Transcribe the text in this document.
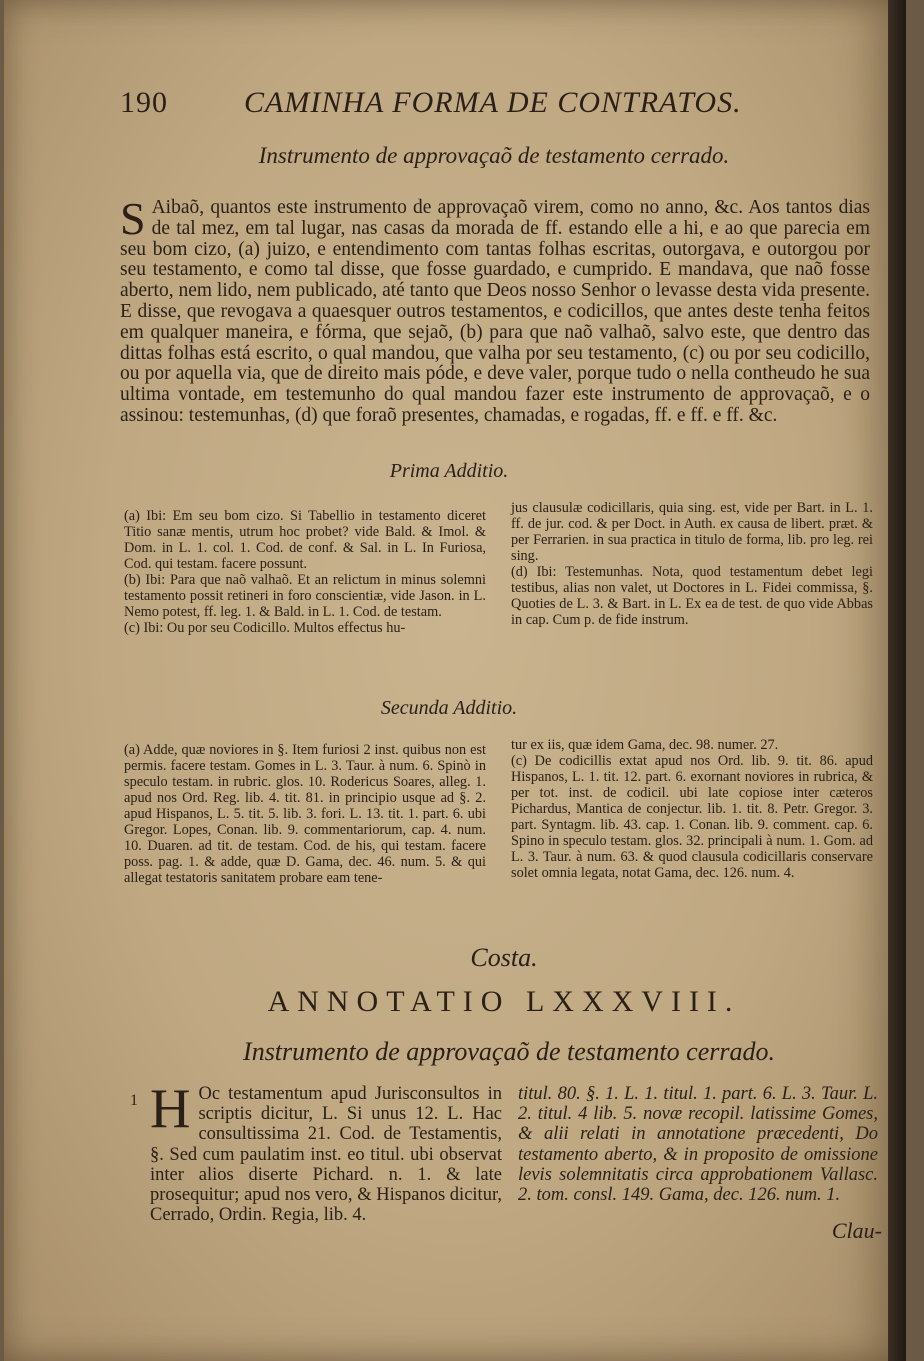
190	CAMINHA FORMA DE CONTRATOS.
Instrumento de approvaçaõ de testamento cerrado.
S Aibaõ, quantos este instrumento de approvaçaõ virem, como no anno, &c. Aos tantos dias de tal mez, em tal lugar, nas casas da morada de ff. estando elle a hi, e ao que parecia em seu bom cizo, (a) juizo, e entendimento com tantas folhas escritas, outorgava, e outorgou por seu testamento, e como tal disse, que fosse guardado, e cumprido. E mandava, que naõ fosse aberto, nem lido, nem publicado, até tanto que Deos nosso Senhor o levasse desta vida presente. E disse, que revogava a quaesquer outros testamentos, e codicillos, que antes deste tenha feitos em qualquer maneira, e fórma, que sejaõ, (b) para que naõ valhaõ, salvo este, que dentro das dittas folhas está escrito, o qual mandou, que valha por seu testamento, (c) ou por seu codicillo, ou por aquella via, que de direito mais póde, e deve valer, porque tudo o nella contheudo he sua ultima vontade, em testemunho do qual mandou fazer este instrumento de approvaçaõ, e o assinou: testemunhas, (d) que foraõ presentes, chamadas, e rogadas, ff. e ff. e ff. &c.

Prima Additio.

(a) Ibi: Em seu bom cizo. Si Tabellio in testamento diceret Titio sanæ mentis, utrum hoc probet? vide Bald. & Imol. & Dom. in L. 1. col. 1. Cod. de conf. & Sal. in L. In Furiosa, Cod. qui testam. facere possunt.

(b) Ibi: Para que naõ valhaõ. Et an relictum in minus solemni testamento possit retineri in foro conscientiæ, vide Jason. in L. Nemo potest, ff. leg. 1. & Bald. in L. 1. Cod. de testam.

(c) Ibi: Ou por seu Codicillo. Multos effectus hu-

jus clausulæ codicillaris, quia sing. est, vide per Bart. in L. 1. ff. de jur. cod. & per Doct. in Auth. ex causa de libert. præt. & per Ferrarien. in sua practica in titulo de forma, lib. pro leg. rei sing.

(d) Ibi: Testemunhas. Nota, quod testamentum debet legi testibus, alias non valet, ut Doctores in L. Fidei commissa, §. Quoties de L. 3. & Bart. in L. Ex ea de test. de quo vide Abbas in cap. Cum p. de fide instrum.

Secunda Additio.

(a) Adde, quæ noviores in §. Item furiosi 2 inst. quibus non est permis. facere testam. Gomes in L. 3. Taur. à num. 6. Spinò in speculo testam. in rubric. glos. 10. Rodericus Soares, alleg. 1. apud nos Ord. Reg. lib. 4. tit. 81. in principio usque ad §. 2. apud Hispanos, L. 5. tit. 5. lib. 3. fori. L. 13. tit. 1. part. 6. ubi Gregor. Lopes, Conan. lib. 9. commentariorum, cap. 4. num. 10. Duaren. ad tit. de testam. Cod. de his, qui testam. facere poss. pag. 1. & adde, quæ D. Gama, dec. 46. num. 5. & qui allegat testatoris sanitatem probare eam tene-

tur ex iis, quæ idem Gama, dec. 98. numer. 27.

(c) De codicillis extat apud nos Ord. lib. 9. tit. 86. apud Hispanos, L. 1. tit. 12. part. 6. exornant noviores in rubrica, & per tot. inst. de codicil. ubi late copiose inter cæteros Pichardus, Mantica de conjectur. lib. 1. tit. 8. Petr. Gregor. 3. part. Syntagm. lib. 43. cap. 1. Conan. lib. 9. comment. cap. 6. Spino in speculo testam. glos. 32. principali à num. 1. Gom. ad L. 3. Taur. à num. 63. & quod clausula codicillaris conservare solet omnia legata, notat Gama, dec. 126. num. 4.

Costa.
ANNOTATIO LXXXVIII.
Instrumento de approvaçaõ de testamento cerrado.
1 H Oc testamentum apud Jurisconsultos in scriptis dicitur, L. Si unus 12. L. Hac consultissima 21. Cod. de Testamentis, §. Sed cum paulatim inst. eo titul. ubi observat inter alios diserte Pichard. n. 1. & late prosequitur; apud nos vero, & Hispanos dicitur, Cerrado, Ordin. Regia, lib. 4.

titul. 80. §. 1. L. 1. titul. 1. part. 6. L. 3. Taur. L. 2. titul. 4 lib. 5. novæ recopil. latissime Gomes, & alii relati in annotatione præcedenti, Do testamento aberto, & in proposito de omissione levis solemnitatis circa approbationem Vallasc. 2. tom. consl. 149. Gama, dec. 126. num. 1.

Clau-
